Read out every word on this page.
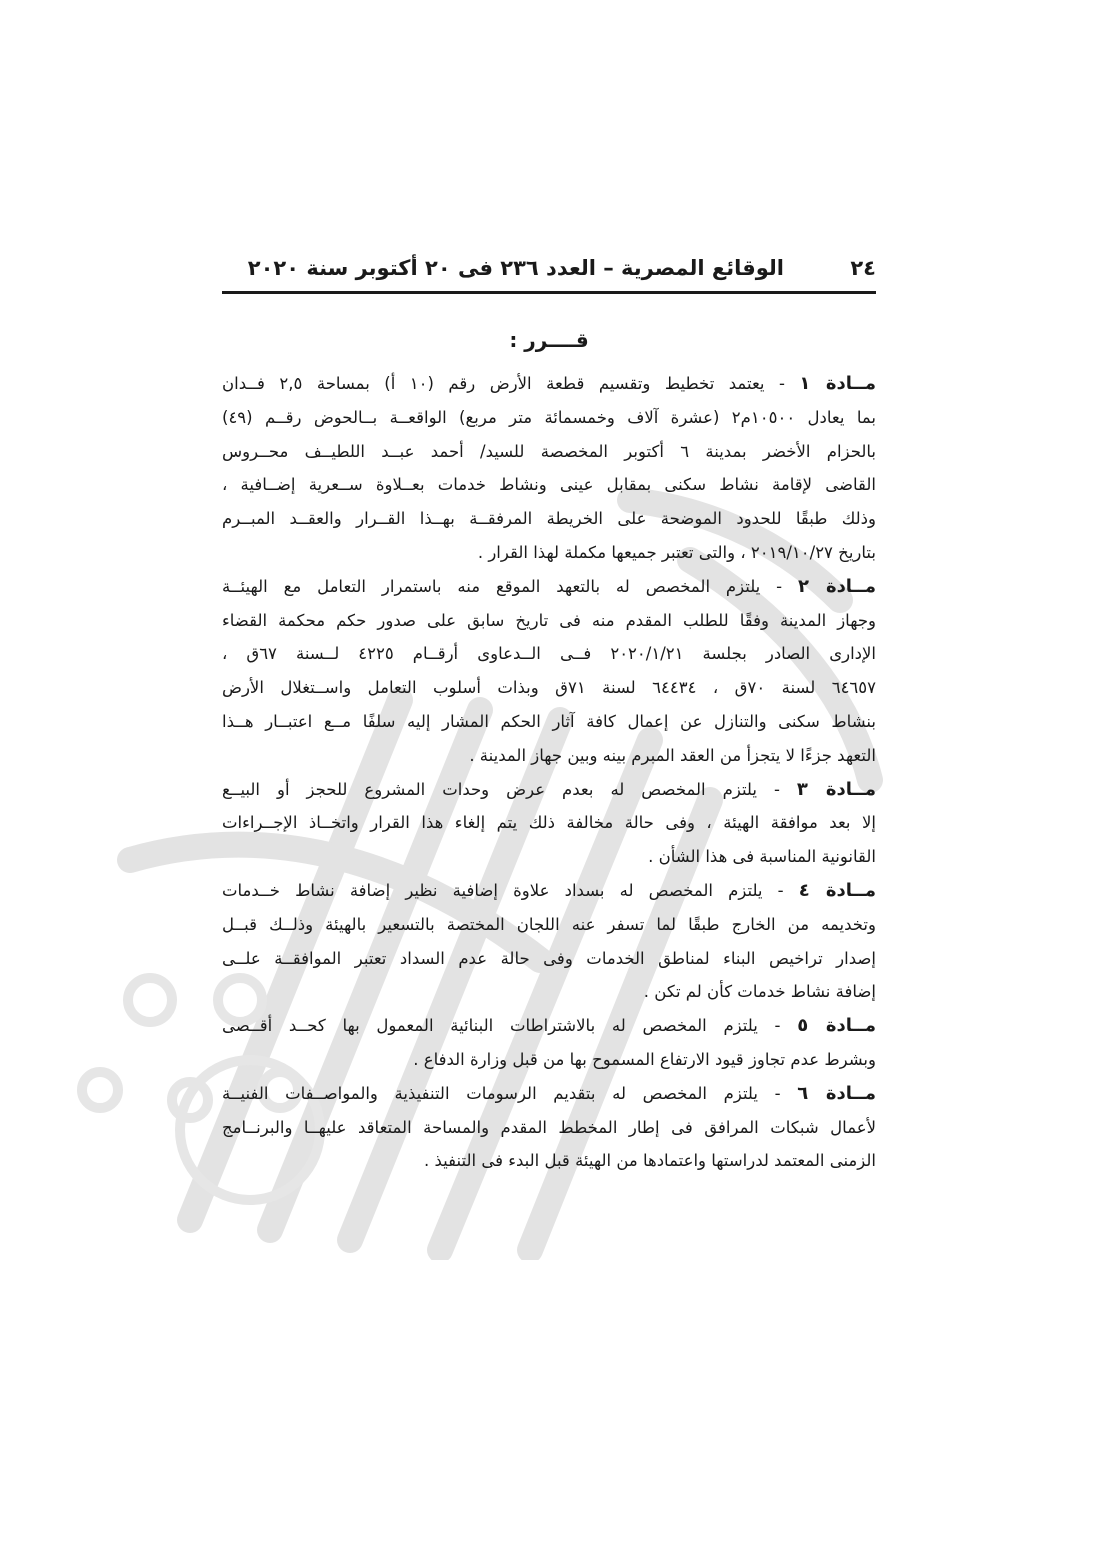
٢٤
الوقائع المصرية – العدد ٢٣٦ فى ٢٠ أكتوبر سنة ٢٠٢٠
قــــرر :
مــادة ١ - يعتمد تخطيط وتقسيم قطعة الأرض رقم (١٠ أ) بمساحة ٢,٥ فــدان
بما يعادل ١٠٥٠٠م٢ (عشرة آلاف وخمسمائة متر مربع) الواقعــة بــالحوض رقــم (٤٩)
بالحزام الأخضر بمدينة ٦ أكتوبر المخصصة للسيد/ أحمد عبــد اللطيــف محــروس
القاضى لإقامة نشاط سكنى بمقابل عينى ونشاط خدمات بعــلاوة ســعرية إضــافية ،
وذلك طبقًا للحدود الموضحة على الخريطة المرفقــة بهــذا القــرار والعقــد المبــرم
بتاريخ ٢٠١٩/١٠/٢٧ ، والتى تعتبر جميعها مكملة لهذا القرار .
مــادة ٢ - يلتزم المخصص له بالتعهد الموقع منه باستمرار التعامل مع الهيئــة
وجهاز المدينة وفقًا للطلب المقدم منه فى تاريخ سابق على صدور حكم محكمة القضاء
الإدارى الصادر بجلسة ٢٠٢٠/١/٢١ فــى الــدعاوى أرقــام ٤٢٢٥ لــسنة ٦٧ق ،
٦٤٦٥٧ لسنة ٧٠ق ، ٦٤٤٣٤ لسنة ٧١ق وبذات أسلوب التعامل واســتغلال الأرض
بنشاط سكنى والتنازل عن إعمال كافة آثار الحكم المشار إليه سلفًا مــع اعتبــار هــذا
التعهد جزءًا لا يتجزأ من العقد المبرم بينه وبين جهاز المدينة .
مــادة ٣ - يلتزم المخصص له بعدم عرض وحدات المشروع للحجز أو البيــع
إلا بعد موافقة الهيئة ، وفى حالة مخالفة ذلك يتم إلغاء هذا القرار واتخــاذ الإجــراءات
القانونية المناسبة فى هذا الشأن .
مــادة ٤ - يلتزم المخصص له بسداد علاوة إضافية نظير إضافة نشاط خــدمات
وتخديمه من الخارج طبقًا لما تسفر عنه اللجان المختصة بالتسعير بالهيئة وذلــك قبــل
إصدار تراخيص البناء لمناطق الخدمات وفى حالة عدم السداد تعتبر الموافقــة علــى
إضافة نشاط خدمات كأن لم تكن .
مــادة ٥ - يلتزم المخصص له بالاشتراطات البنائية المعمول بها كحــد أقــصى
وبشرط عدم تجاوز قيود الارتفاع المسموح بها من قبل وزارة الدفاع .
مــادة ٦ - يلتزم المخصص له بتقديم الرسومات التنفيذية والمواصــفات الفنيــة
لأعمال شبكات المرافق فى إطار المخطط المقدم والمساحة المتعاقد عليهــا والبرنــامج
الزمنى المعتمد لدراستها واعتمادها من الهيئة قبل البدء فى التنفيذ .
